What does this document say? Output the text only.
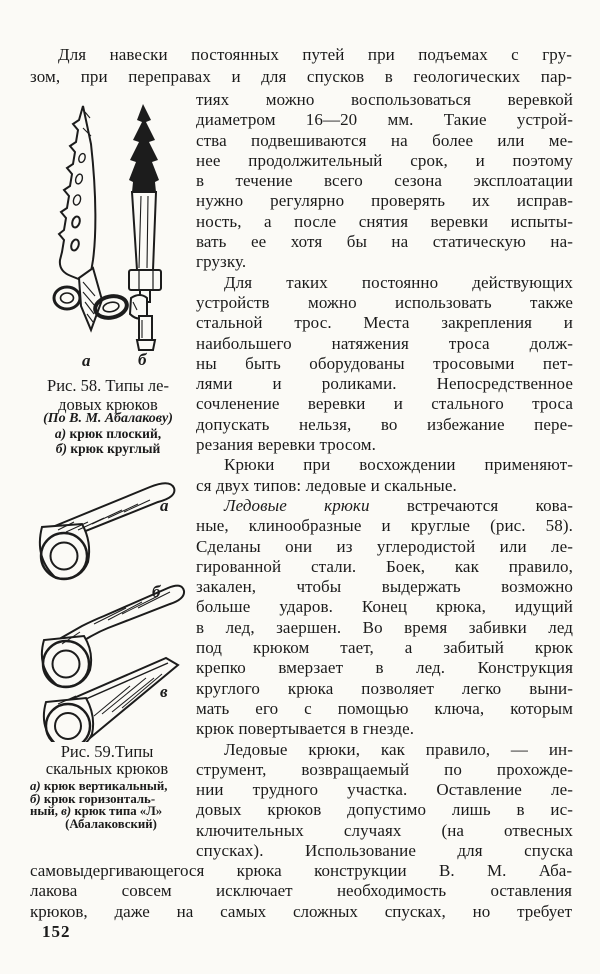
Для навески постоянных путей при подъемах с гру-
зом, при переправах и для спусков в геологических пар-
а	б
Рис. 58. Типы ле-
довых крюков
(По В. М. Абалакову)
а) крюк плоский,
б) крюк круглый
а
б
в
Рис. 59.Типы
скальных крюков
а) крюк вертикальный,
б) крюк горизонталь-
ный, в) крюк типа «Л»
(Абалаковский)
тиях можно воспользоваться веревкой
диаметром 16—20 мм. Такие устрой-
ства подвешиваются на более или ме-
нее продолжительный срок, и поэтому
в течение всего сезона эксплоатации
нужно регулярно проверять их исправ-
ность, а после снятия веревки испыты-
вать ее хотя бы на статическую на-
грузку.
Для таких постоянно действующих
устройств можно использовать также
стальной трос. Места закрепления и
наибольшего натяжения троса долж-
ны быть оборудованы тросовыми пет-
лями и роликами. Непосредственное
сочленение веревки и стального троса
допускать нельзя, во избежание пере-
резания веревки тросом.
Крюки при восхождении применяют-
ся двух типов: ледовые и скальные.
Ледовые крюки встречаются кова-
ные, клинообразные и круглые (рис. 58).
Сделаны они из углеродистой или ле-
гированной стали. Боек, как правило,
закален, чтобы выдержать возможно
больше ударов. Конец крюка, идущий
в лед, заершен. Во время забивки лед
под крюком тает, а забитый крюк
крепко вмерзает в лед. Конструкция
круглого крюка позволяет легко выни-
мать его с помощью ключа, которым
крюк повертывается в гнезде.
Ледовые крюки, как правило, — ин-
струмент, возвращаемый по прохожде-
нии трудного участка. Оставление ле-
довых крюков допустимо лишь в ис-
ключительных случаях (на отвесных
спусках). Использование для спуска
самовыдергивающегося крюка конструкции В. М. Аба-
лакова совсем исключает необходимость оставления
крюков, даже на самых сложных спусках, но требует
152
